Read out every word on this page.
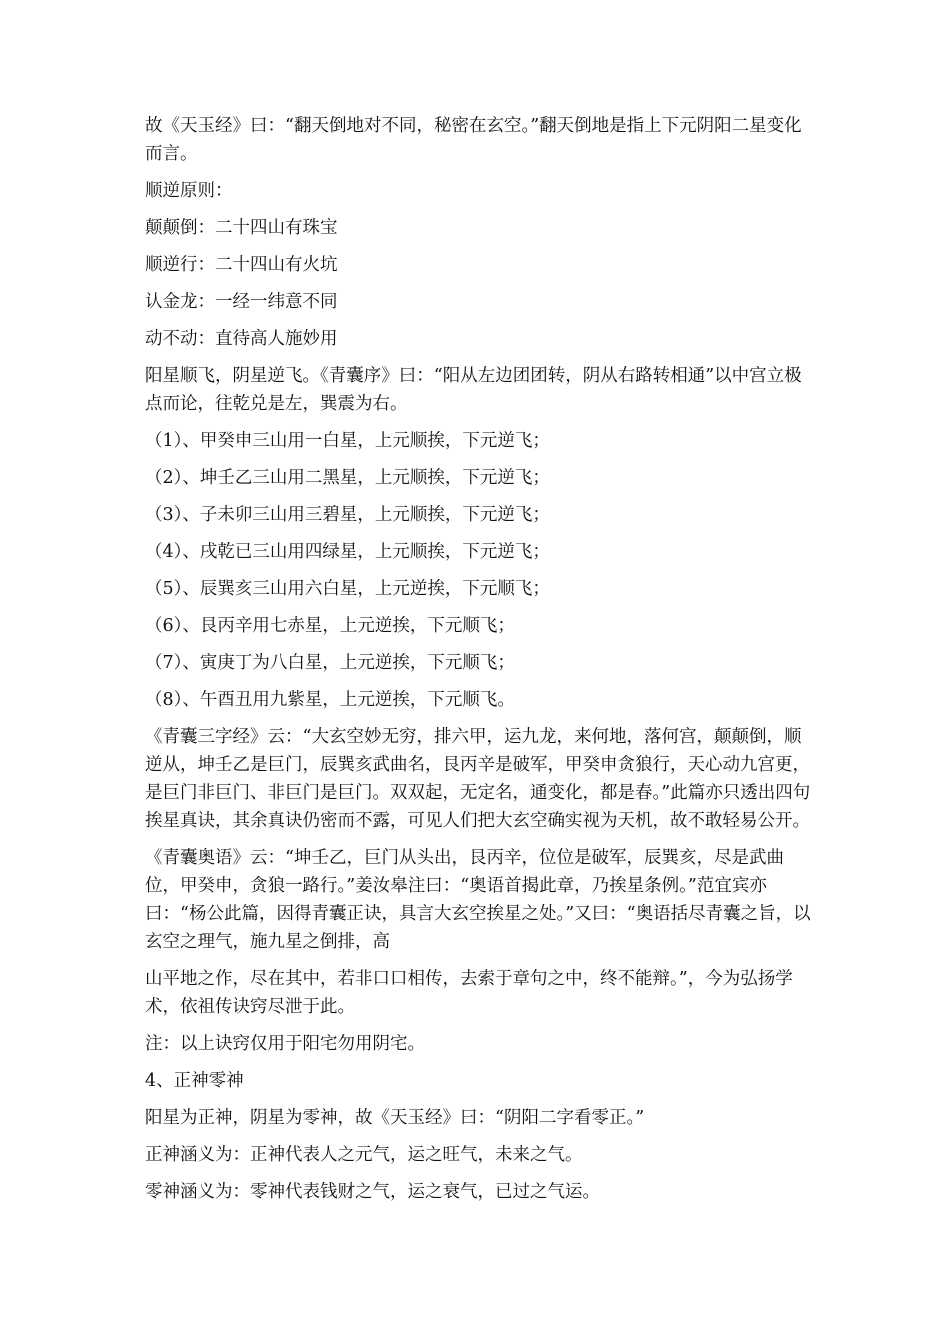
故《天玉经》曰：“翻天倒地对不同，秘密在玄空。”翻天倒地是指上下元阴阳二星变化而言。

顺逆原则：

颠颠倒：二十四山有珠宝

顺逆行：二十四山有火坑

认金龙：一经一纬意不同

动不动：直待高人施妙用

阳星顺飞，阴星逆飞。《青囊序》曰：“阳从左边团团转，阴从右路转相通”以中宫立极点而论，往乾兑是左，巽震为右。

（1）、甲癸申三山用一白星，上元顺挨，下元逆飞；

（2）、坤壬乙三山用二黑星，上元顺挨，下元逆飞；

（3）、子未卯三山用三碧星，上元顺挨，下元逆飞；

（4）、戌乾已三山用四绿星，上元顺挨，下元逆飞；

（5）、辰巽亥三山用六白星，上元逆挨，下元顺飞；

（6）、艮丙辛用七赤星，上元逆挨，下元顺飞；

（7）、寅庚丁为八白星，上元逆挨，下元顺飞；

（8）、午酉丑用九紫星，上元逆挨，下元顺飞。

《青囊三字经》云：“大玄空妙无穷，排六甲，运九龙，来何地，落何宫，颠颠倒，顺逆从，坤壬乙是巨门，辰巽亥武曲名，艮丙辛是破军，甲癸申贪狼行，天心动九宫更，是巨门非巨门、非巨门是巨门。双双起，无定名，通变化，都是春。”此篇亦只透出四句挨星真诀，其余真诀仍密而不露，可见人们把大玄空确实视为天机，故不敢轻易公开。

《青囊奥语》云：“坤壬乙，巨门从头出，艮丙辛，位位是破军，辰巽亥，尽是武曲位，甲癸申，贪狼一路行。”姜汝皋注曰：“奥语首揭此章，乃挨星条例。”范宜宾亦曰：“杨公此篇，因得青囊正诀，具言大玄空挨星之处。”又曰：“奥语括尽青囊之旨，以玄空之理气，施九星之倒排，高

山平地之作，尽在其中，若非口口相传，去索于章句之中，终不能辩。”，今为弘扬学术，依祖传诀窍尽泄于此。

注：以上诀窍仅用于阳宅勿用阴宅。

4、正神零神

阳星为正神，阴星为零神，故《天玉经》曰：“阴阳二字看零正。”

正神涵义为：正神代表人之元气，运之旺气，未来之气。

零神涵义为：零神代表钱财之气，运之衰气，已过之气运。
